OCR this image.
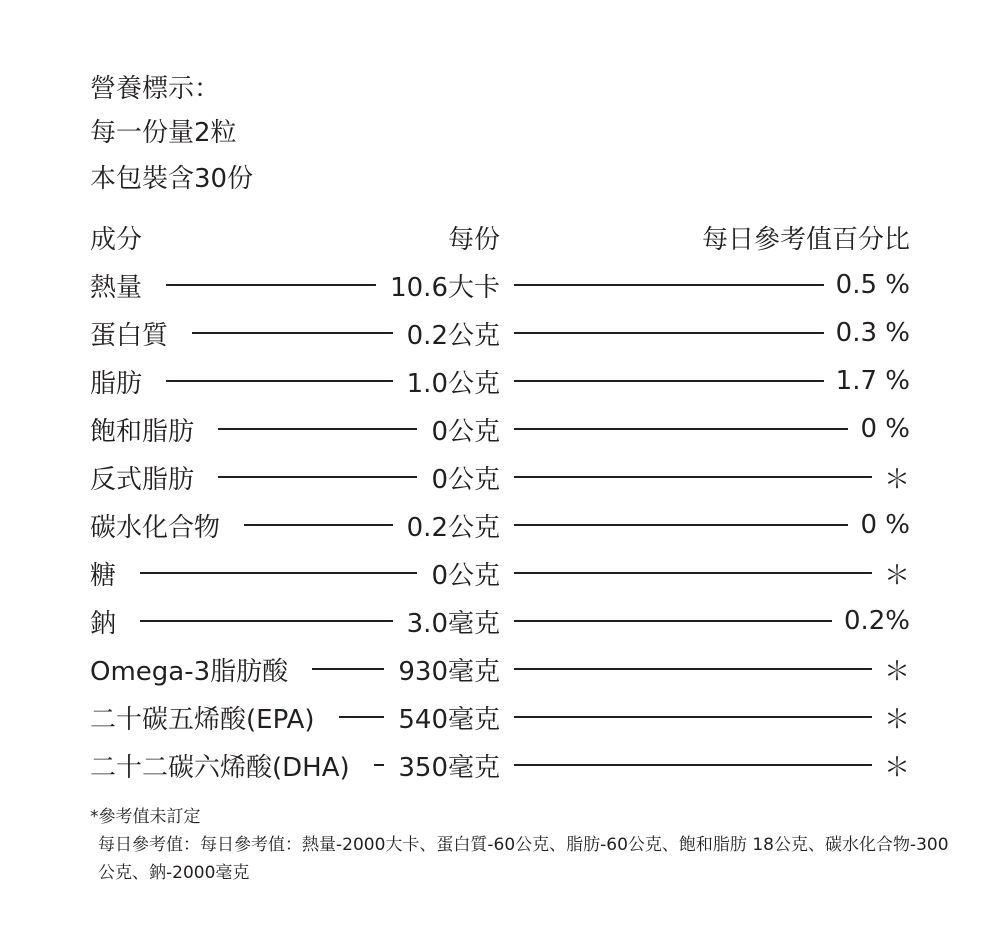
營養標示：
每一份量2粒
本包裝含30份
成分	每份	每日參考值百分比
熱量	10.6大卡	0.5 %
蛋白質	0.2公克	0.3 %
脂肪	1.0公克	1.7 %
飽和脂肪	0公克	0 %
反式脂肪	0公克	＊
碳水化合物	0.2公克	0 %
糖	0公克	＊
鈉	3.0毫克	0.2%
Omega-3脂肪酸	930毫克	＊
二十碳五烯酸(EPA)	540毫克	＊
二十二碳六烯酸(DHA)	350毫克	＊
*參考值未訂定
每日參考值：每日參考值：熱量-2000大卡、蛋白質-60公克、脂肪-60公克、飽和脂肪 18公克、碳水化合物-300公克、鈉-2000毫克
